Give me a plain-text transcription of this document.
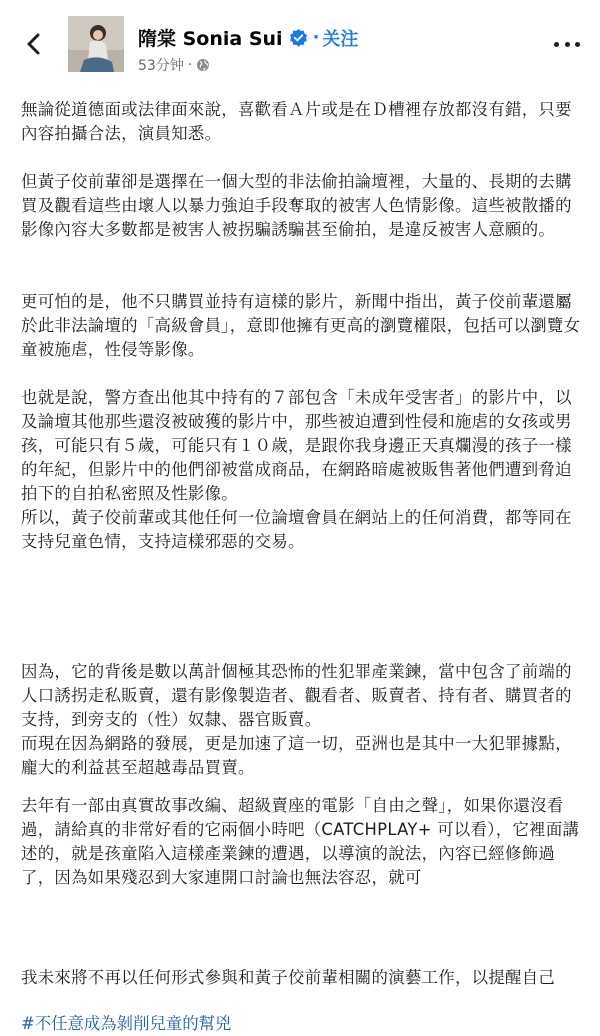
隋棠 Sonia Sui · 关注
53分钟 ·

無論從道德面或法律面來說，喜歡看Ａ片或是在Ｄ槽裡存放都沒有錯，只要內容拍攝合法，演員知悉。

但黃子佼前輩卻是選擇在一個大型的非法偷拍論壇裡，大量的、長期的去購買及觀看這些由壞人以暴力強迫手段奪取的被害人色情影像。這些被散播的影像內容大多數都是被害人被拐騙誘騙甚至偷拍，是違反被害人意願的。

更可怕的是，他不只購買並持有這樣的影片，新聞中指出，黃子佼前輩還屬於此非法論壇的「高級會員」，意即他擁有更高的瀏覽權限，包括可以瀏覽女童被施虐，性侵等影像。

也就是說，警方查出他其中持有的７部包含「未成年受害者」的影片中，以及論壇其他那些還沒被破獲的影片中，那些被迫遭到性侵和施虐的女孩或男孩，可能只有５歲，可能只有１０歲，是跟你我身邊正天真爛漫的孩子一樣的年紀，但影片中的他們卻被當成商品，在網路暗處被販售著他們遭到脅迫拍下的自拍私密照及性影像。

所以，黃子佼前輩或其他任何一位論壇會員在網站上的任何消費，都等同在支持兒童色情，支持這樣邪惡的交易。

因為，它的背後是數以萬計個極其恐怖的性犯罪產業鍊，當中包含了前端的人口誘拐走私販賣，還有影像製造者、觀看者、販賣者、持有者、購買者的支持，到旁支的（性）奴隸、器官販賣。

而現在因為網路的發展，更是加速了這一切，亞洲也是其中一大犯罪據點，龐大的利益甚至超越毒品買賣。

去年有一部由真實故事改編、超級賣座的電影「自由之聲」，如果你還沒看過，請給真的非常好看的它兩個小時吧（CATCHPLAY+ 可以看），它裡面講述的，就是孩童陷入這樣產業鍊的遭遇，以導演的說法，內容已經修飾過了，因為如果殘忍到大家連開口討論也無法容忍，就可

我未來將不再以任何形式參與和黃子佼前輩相關的演藝工作，以提醒自己

#不任意成為剝削兒童的幫兇
